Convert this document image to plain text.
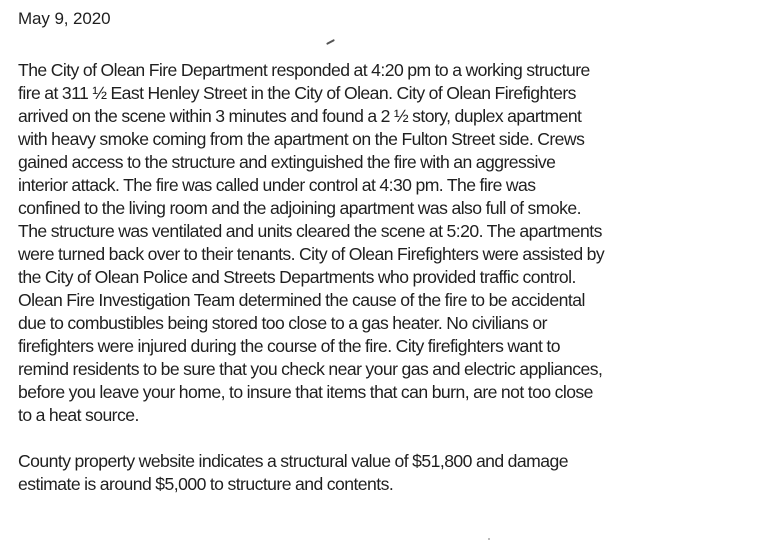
May 9, 2020
The City of Olean Fire Department responded at 4:20 pm to a working structure
fire at 311 ½ East Henley Street in the City of Olean. City of Olean Firefighters
arrived on the scene within 3 minutes and found a 2 ½ story, duplex apartment
with heavy smoke coming from the apartment on the Fulton Street side. Crews
gained access to the structure and extinguished the fire with an aggressive
interior attack. The fire was called under control at 4:30 pm. The fire was
confined to the living room and the adjoining apartment was also full of smoke.
The structure was ventilated and units cleared the scene at 5:20. The apartments
were turned back over to their tenants. City of Olean Firefighters were assisted by
the City of Olean Police and Streets Departments who provided traffic control.
Olean Fire Investigation Team determined the cause of the fire to be accidental
due to combustibles being stored too close to a gas heater. No civilians or
firefighters were injured during the course of the fire. City firefighters want to
remind residents to be sure that you check near your gas and electric appliances,
before you leave your home, to insure that items that can burn, are not too close
to a heat source.
County property website indicates a structural value of $51,800 and damage
estimate is around $5,000 to structure and contents.
